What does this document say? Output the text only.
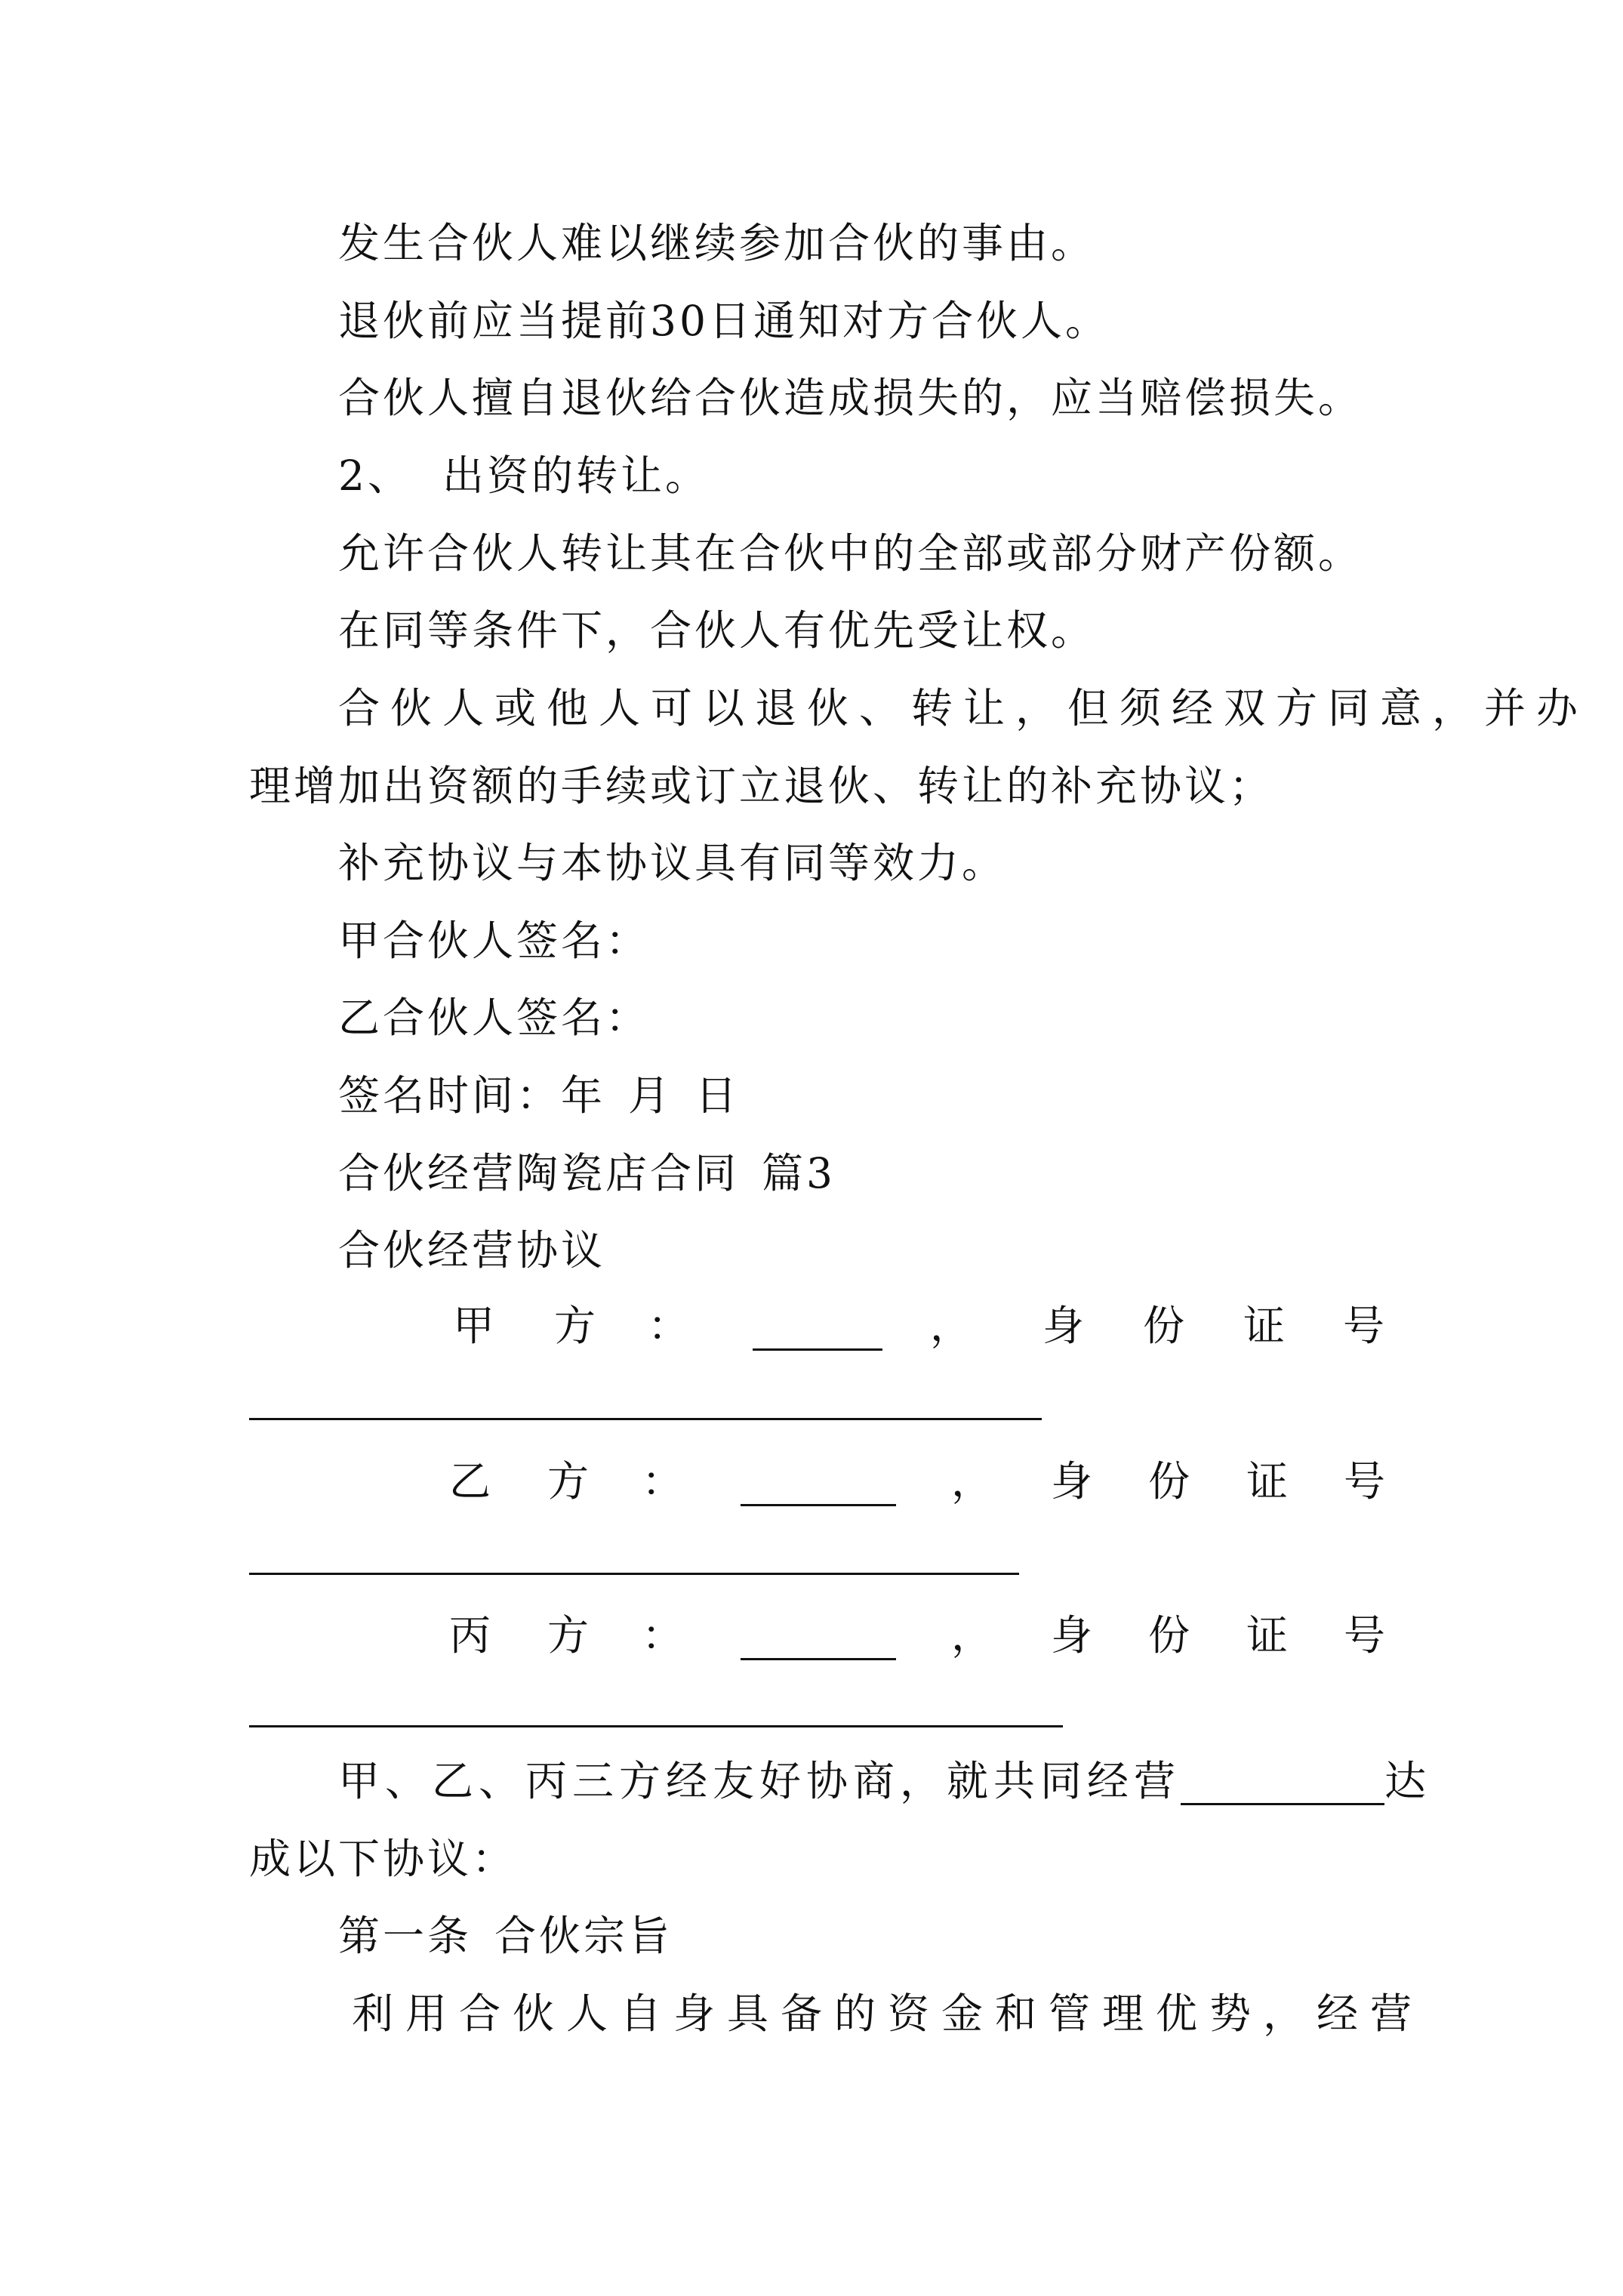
发生合伙人难以继续参加合伙的事由。

退伙前应当提前30日通知对方合伙人。

合伙人擅自退伙给合伙造成损失的，应当赔偿损失。

2、 出资的转让。

允许合伙人转让其在合伙中的全部或部分财产份额。

在同等条件下，合伙人有优先受让权。

合伙人或他人可以退伙、转让，但须经双方同意，并办

理增加出资额的手续或订立退伙、转让的补充协议；

补充协议与本协议具有同等效力。

甲合伙人签名：

乙合伙人签名：

签名时间：年 月 日

合伙经营陶瓷店合同 篇3

合伙经营协议

甲 方 ：	， 身 份 证 号
乙 方 ：	， 身 份 证 号
丙 方 ：	， 身 份 证 号

甲、乙、丙三方经友好协商，就共同经营	达

成以下协议：

第一条 合伙宗旨

利用合伙人自身具备的资金和管理优势，经营
